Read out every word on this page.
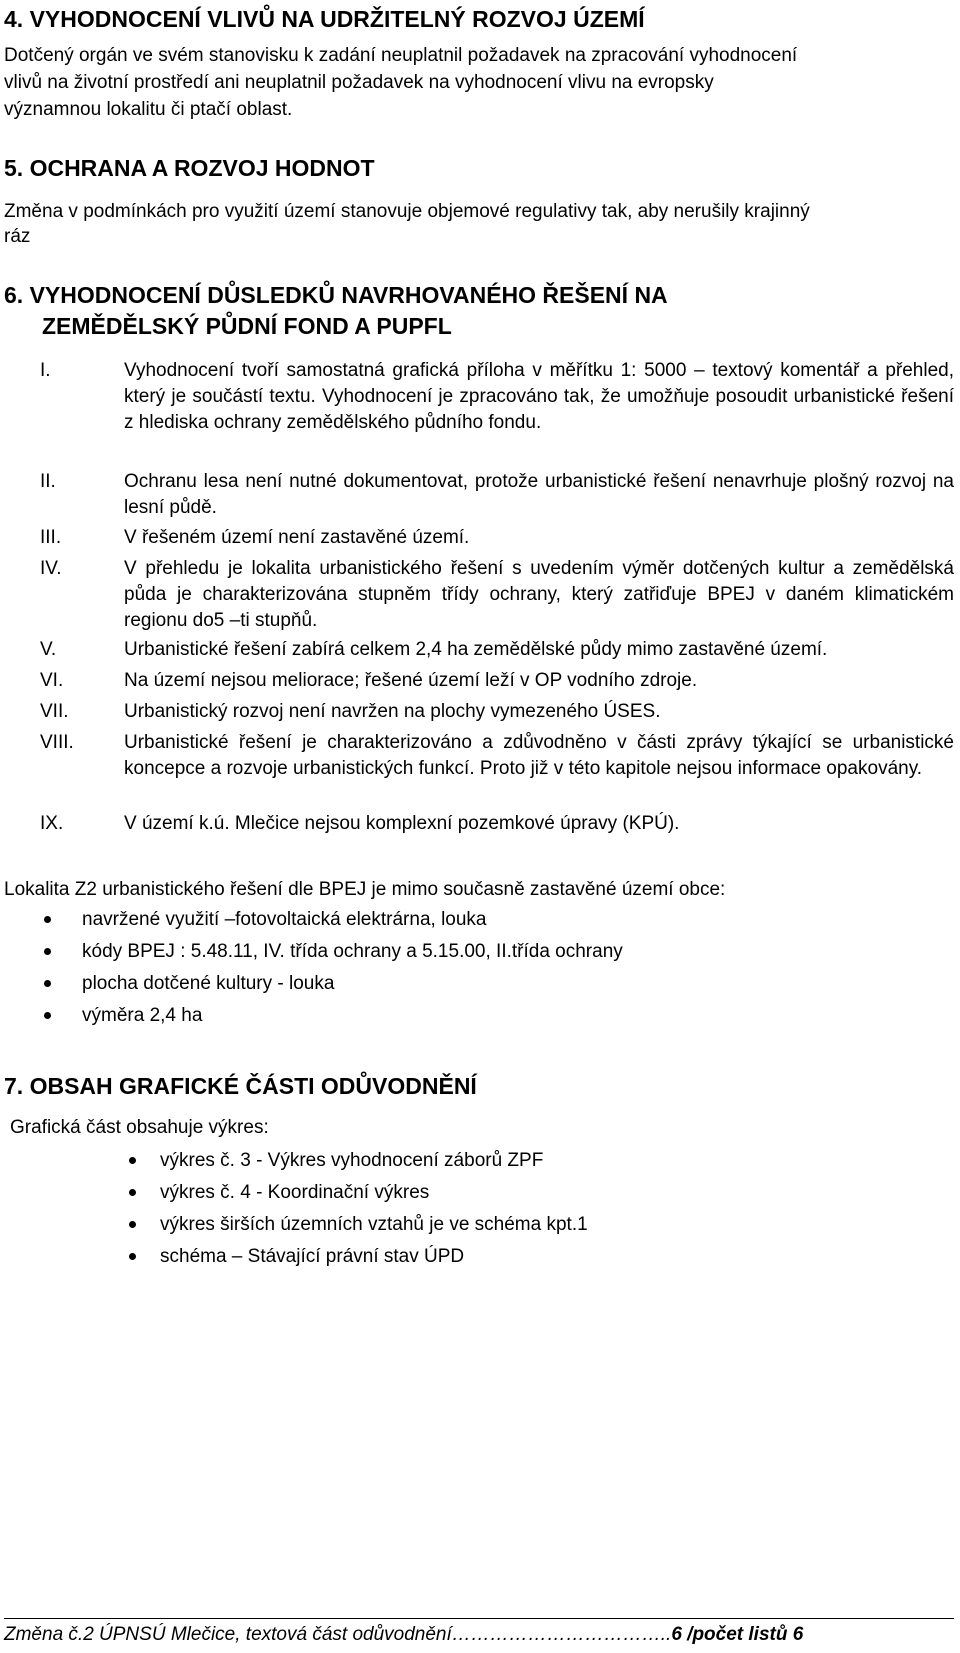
4. VYHODNOCENÍ VLIVŮ NA UDRŽITELNÝ ROZVOJ ÚZEMÍ
Dotčený orgán ve svém stanovisku k zadání neuplatnil požadavek na zpracování vyhodnocení
vlivů na životní prostředí ani neuplatnil požadavek na vyhodnocení vlivu na evropsky
významnou lokalitu či ptačí oblast.
5. OCHRANA A ROZVOJ HODNOT
Změna v podmínkách pro využití území stanovuje objemové regulativy tak, aby nerušily krajinný
ráz
6. VYHODNOCENÍ DŮSLEDKŮ NAVRHOVANÉHO ŘEŠENÍ NA
ZEMĚDĚLSKÝ PŮDNÍ FOND A PUPFL
I.	Vyhodnocení tvoří samostatná grafická příloha v měřítku 1: 5000 – textový komentář a přehled, který je součástí textu. Vyhodnocení je zpracováno tak, že umožňuje posoudit urbanistické řešení z hlediska ochrany zemědělského půdního fondu.
II.	Ochranu lesa není nutné dokumentovat, protože urbanistické řešení nenavrhuje plošný rozvoj na lesní půdě.
III.	V řešeném území není zastavěné území.
IV.	V přehledu je lokalita urbanistického řešení s uvedením výměr dotčených kultur a zemědělská půda je charakterizována stupněm třídy ochrany, který zatřiďuje BPEJ v daném klimatickém regionu do5 –ti stupňů.
V.	Urbanistické řešení zabírá celkem 2,4 ha zemědělské půdy mimo zastavěné území.
VI.	Na území nejsou meliorace; řešené území leží v OP vodního zdroje.
VII.	Urbanistický rozvoj není navržen na plochy vymezeného ÚSES.
VIII.	Urbanistické řešení je charakterizováno a zdůvodněno v části zprávy týkající se urbanistické koncepce a rozvoje urbanistických funkcí. Proto již v této kapitole nejsou informace opakovány.
IX.	V území k.ú. Mlečice nejsou komplexní pozemkové úpravy (KPÚ).
Lokalita Z2 urbanistického řešení dle BPEJ je mimo současně zastavěné území obce:
navržené využití –fotovoltaická elektrárna, louka
kódy BPEJ : 5.48.11, IV. třída ochrany a 5.15.00, II.třída ochrany
plocha dotčené kultury - louka
výměra 2,4 ha
7. OBSAH GRAFICKÉ ČÁSTI ODŮVODNĚNÍ
Grafická část obsahuje výkres:
výkres č. 3 - Výkres vyhodnocení záborů ZPF
výkres č. 4 - Koordinační výkres
výkres širších územních vztahů je ve schéma kpt.1
schéma – Stávající právní stav ÚPD
Změna č.2 ÚPNSÚ Mlečice, textová část odůvodnění……………………………..6 /počet listů 6
